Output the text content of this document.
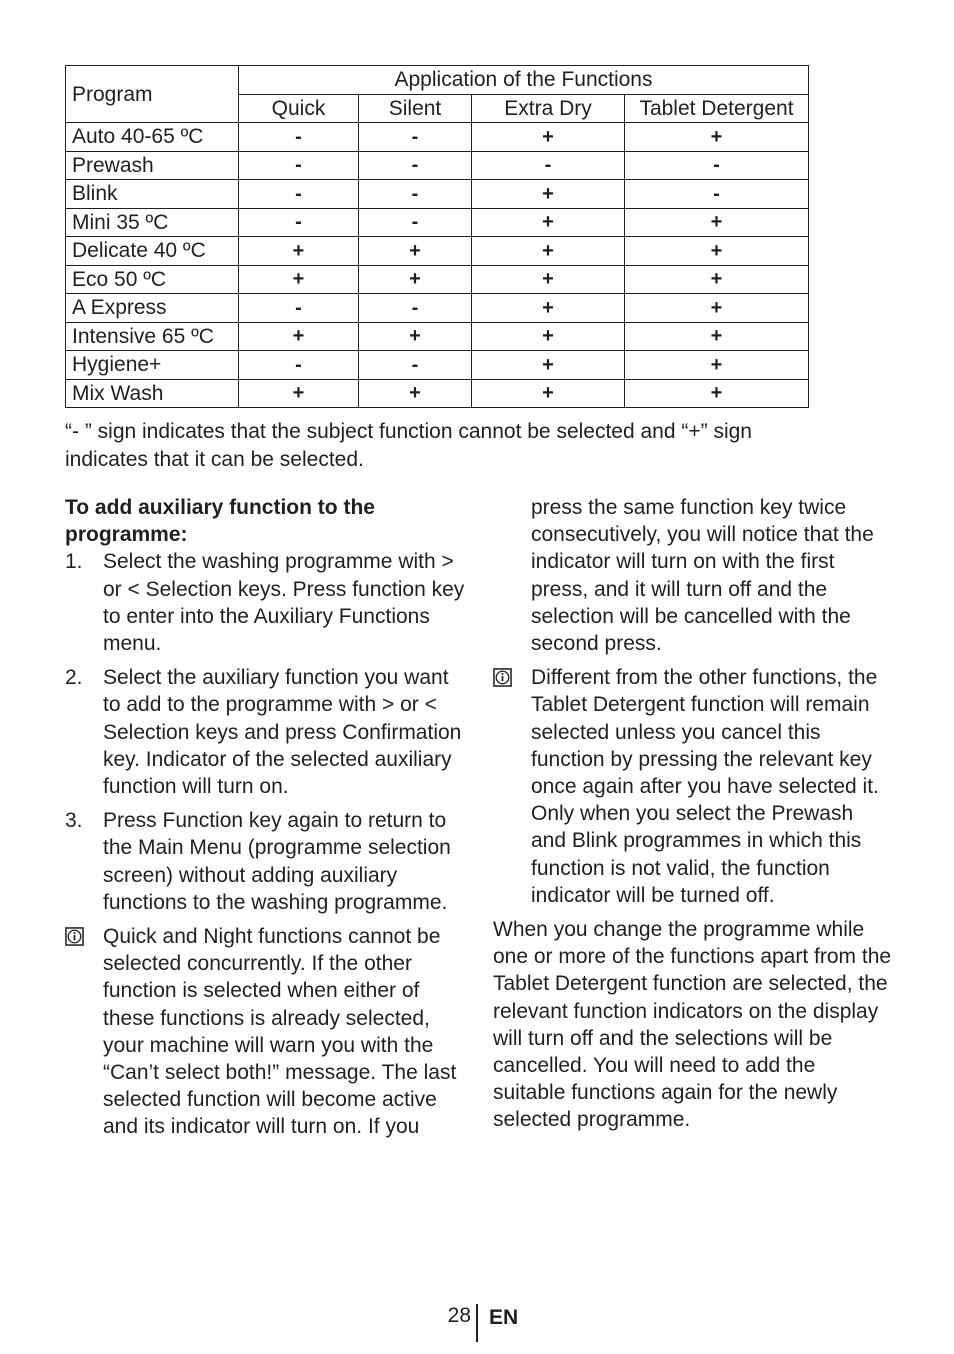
Program	Application of the Functions			
	Quick	Silent	Extra Dry	Tablet Detergent
Auto 40-65 ºC	-	-	+	+
Prewash	-	-	-	-
Blink	-	-	+	-
Mini 35 ºC	-	-	+	+
Delicate 40 ºC	+	+	+	+
Eco 50 ºC	+	+	+	+
A Express	-	-	+	+
Intensive 65 ºC	+	+	+	+
Hygiene+	-	-	+	+
Mix Wash	+	+	+	+

“- ” sign indicates that the subject function cannot be selected and “+” sign indicates that it can be selected.

To add auxiliary function to the programme:

1. Select the washing programme with > or < Selection keys. Press function key to enter into the Auxiliary Functions menu.
2. Select the auxiliary function you want to add to the programme with > or < Selection keys and press Confirmation key. Indicator of the selected auxiliary function will turn on.
3. Press Function key again to return to the Main Menu (programme selection screen) without adding auxiliary functions to the washing programme.
Quick and Night functions cannot be selected concurrently. If the other function is selected when either of these functions is already selected, your machine will warn you with the “Can’t select both!” message. The last selected function will become active and its indicator will turn on. If you

press the same function key twice consecutively, you will notice that the indicator will turn on with the first press, and it will turn off and the selection will be cancelled with the second press.

Different from the other functions, the Tablet Detergent function will remain selected unless you cancel this function by pressing the relevant key once again after you have selected it. Only when you select the Prewash and Blink programmes in which this function is not valid, the function indicator will be turned off.

When you change the programme while one or more of the functions apart from the Tablet Detergent function are selected, the relevant function indicators on the display will turn off and the selections will be cancelled. You will need to add the suitable functions again for the newly selected programme.

28 EN
